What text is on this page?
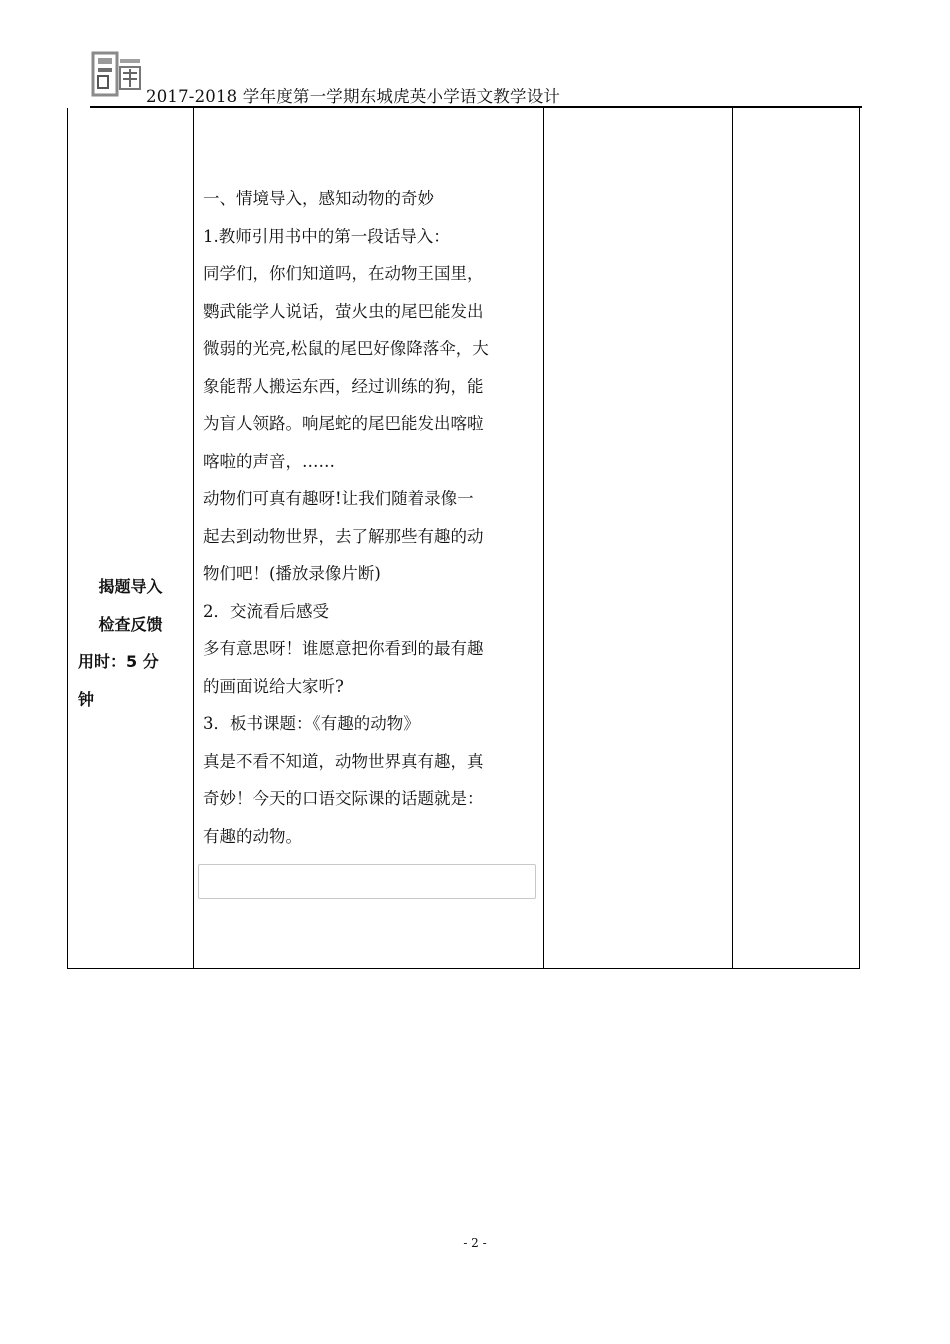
2017-2018 学年度第一学期东城虎英小学语文教学设计
揭题导入
检查反馈
用时：5 分
钟

一、情境导入，感知动物的奇妙

1.教师引用书中的第一段话导入：

同学们，你们知道吗，在动物王国里，

鹦武能学人说话，萤火虫的尾巴能发出

微弱的光亮,松鼠的尾巴好像降落伞，大

象能帮人搬运东西，经过训练的狗，能

为盲人领路。响尾蛇的尾巴能发出喀啦

喀啦的声音，……

动物们可真有趣呀!让我们随着录像一

起去到动物世界，去了解那些有趣的动

物们吧！(播放录像片断)

2．交流看后感受

多有意思呀！谁愿意把你看到的最有趣

的画面说给大家听?

3．板书课题：《有趣的动物》

真是不看不知道，动物世界真有趣，真

奇妙！今天的口语交际课的话题就是：

有趣的动物。

- 2 -
